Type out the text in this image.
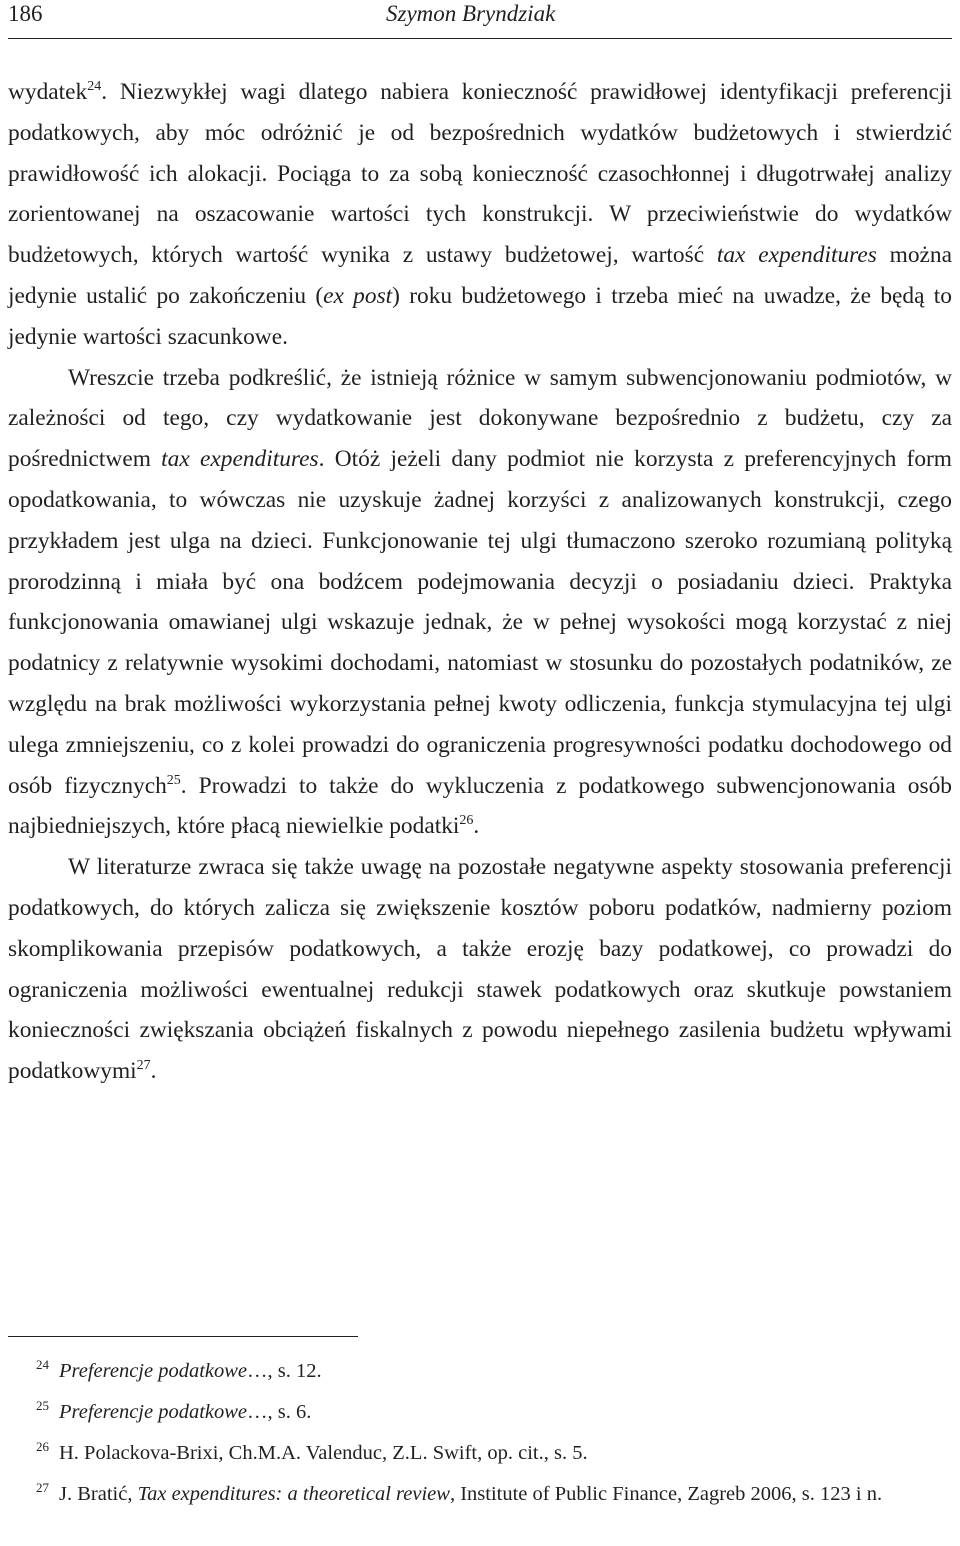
186	Szymon Bryndziak

wydatek$^{24}$. Niezwykłej wagi dlatego nabiera konieczność prawidłowej identyfikacji preferencji podatkowych, aby móc odróżnić je od bezpośrednich wydatków budżetowych i stwierdzić prawidłowość ich alokacji. Pociąga to za sobą konieczność czasochłonnej i długotrwałej analizy zorientowanej na oszacowanie wartości tych konstrukcji. W przeciwieństwie do wydatków budżetowych, których wartość wynika z ustawy budżetowej, wartość tax expenditures można jedynie ustalić po zakończeniu (ex post) roku budżetowego i trzeba mieć na uwadze, że będą to jedynie wartości szacunkowe.

Wreszcie trzeba podkreślić, że istnieją różnice w samym subwencjonowaniu podmiotów, w zależności od tego, czy wydatkowanie jest dokonywane bezpośrednio z budżetu, czy za pośrednictwem tax expenditures. Otóż jeżeli dany podmiot nie korzysta z preferencyjnych form opodatkowania, to wówczas nie uzyskuje żadnej korzyści z analizowanych konstrukcji, czego przykładem jest ulga na dzieci. Funkcjonowanie tej ulgi tłumaczono szeroko rozumianą polityką prorodzinną i miała być ona bodźcem podejmowania decyzji o posiadaniu dzieci. Praktyka funkcjonowania omawianej ulgi wskazuje jednak, że w pełnej wysokości mogą korzystać z niej podatnicy z relatywnie wysokimi dochodami, natomiast w stosunku do pozostałych podatników, ze względu na brak możliwości wykorzystania pełnej kwoty odliczenia, funkcja stymulacyjna tej ulgi ulega zmniejszeniu, co z kolei prowadzi do ograniczenia progresywności podatku dochodowego od osób fizycznych$^{25}$. Prowadzi to także do wykluczenia z podatkowego subwencjonowania osób najbiedniejszych, które płacą niewielkie podatki$^{26}$.

W literaturze zwraca się także uwagę na pozostałe negatywne aspekty stosowania preferencji podatkowych, do których zalicza się zwiększenie kosztów poboru podatków, nadmierny poziom skomplikowania przepisów podatkowych, a także erozję bazy podatkowej, co prowadzi do ograniczenia możliwości ewentualnej redukcji stawek podatkowych oraz skutkuje powstaniem konieczności zwiększania obciążeń fiskalnych z powodu niepełnego zasilenia budżetu wpływami podatkowymi$^{27}$.

$^{24}$ Preferencje podatkowe…, s. 12.

$^{25}$ Preferencje podatkowe…, s. 6.

$^{26}$ H. Polackova-Brixi, Ch.M.A. Valenduc, Z.L. Swift, op. cit., s. 5.

$^{27}$ J. Bratić, Tax expenditures: a theoretical review, Institute of Public Finance, Zagreb 2006, s. 123 i n.
